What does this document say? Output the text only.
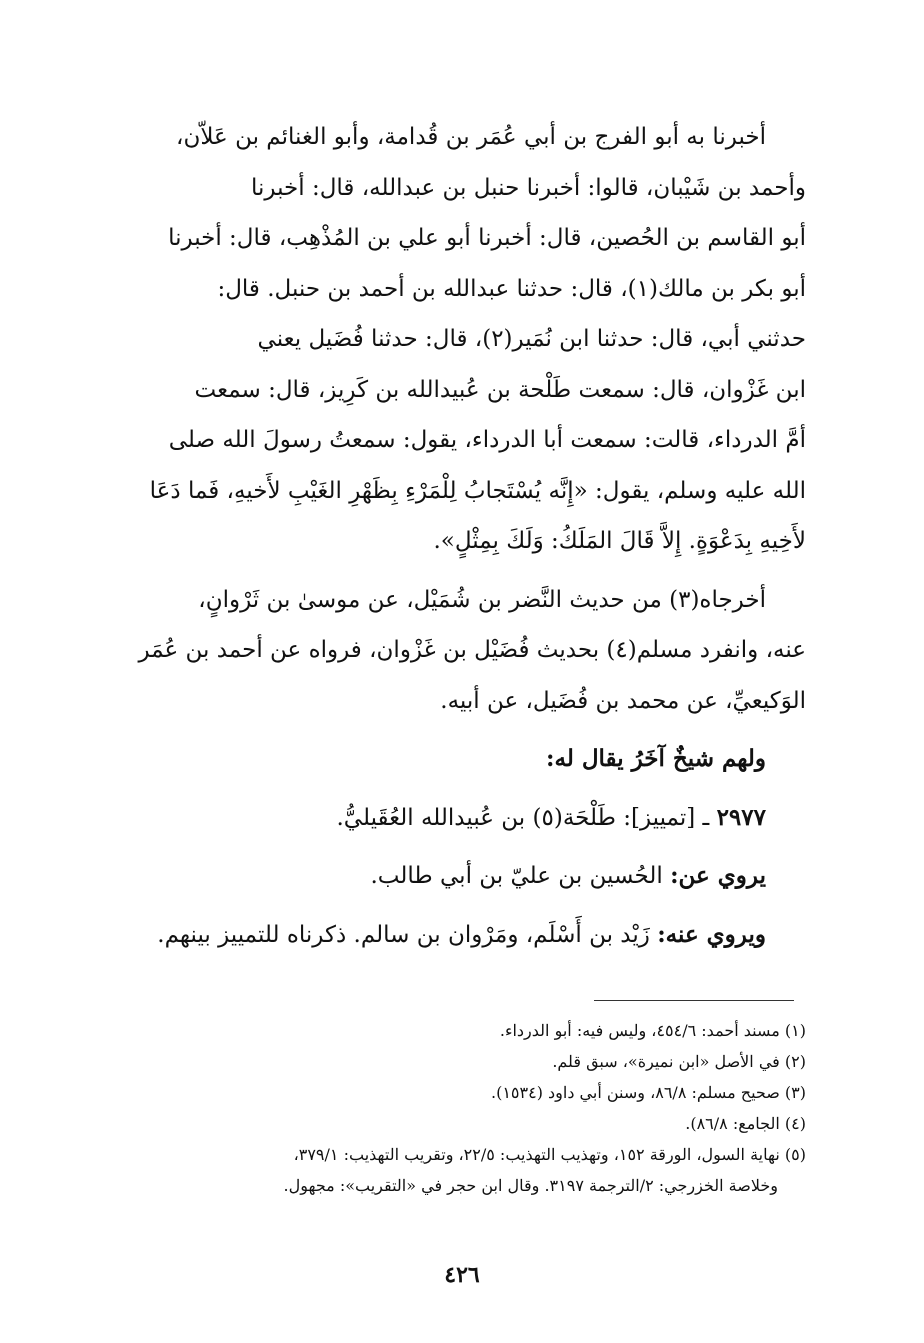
أخبرنا به أبو الفرج بن أبي عُمَر بن قُدامة، وأبو الغنائم بن عَلاّن،

وأحمد بن شَيْبان، قالوا: أخبرنا حنبل بن عبدالله، قال: أخبرنا

أبو القاسم بن الحُصين، قال: أخبرنا أبو علي بن المُذْهِب، قال: أخبرنا

أبو بكر بن مالك(١)، قال: حدثنا عبدالله بن أحمد بن حنبل. قال:

حدثني أبي، قال: حدثنا ابن نُمَير(٢)، قال: حدثنا فُضَيل يعني

ابن غَزْوان، قال: سمعت طَلْحة بن عُبيدالله بن كَرِيز، قال: سمعت

أمَّ الدرداء، قالت: سمعت أبا الدرداء، يقول: سمعتُ رسولَ الله صلى

الله عليه وسلم، يقول: «إِنَّه يُسْتَجابُ لِلْمَرْءِ بِظَهْرِ الغَيْبِ لأَخيهِ، فَما دَعَا

لأَخِيهِ بِدَعْوَةٍ. إِلاَّ قَالَ المَلَكُ: وَلَكَ بِمِثْلٍ».

أخرجاه(٣) من حديث النَّضر بن شُمَيْل، عن موسىٰ بن ثَرْوانٍ،

عنه، وانفرد مسلم(٤) بحديث فُضَيْل بن غَزْوان، فرواه عن أحمد بن عُمَر

الوَكيعيِّ، عن محمد بن فُضَيل، عن أبيه.

ولهم شيخٌ آخَرُ يقال له:

٢٩٧٧ ـ [تمييز]: طَلْحَة(٥) بن عُبيدالله العُقَيليُّ.

يروي عن: الحُسين بن عليّ بن أبي طالب.

ويروي عنه: زَيْد بن أَسْلَم، ومَرْوان بن سالم. ذكرناه للتمييز بينهم.

(١) مسند أحمد: ٤٥٤/٦، وليس فيه: أبو الدرداء.
(٢) في الأصل «ابن نميرة»، سبق قلم.
(٣) صحيح مسلم: ٨٦/٨، وسنن أبي داود (١٥٣٤).
(٤) الجامع: ٨٦/٨).
(٥) نهاية السول، الورقة ١٥٢، وتهذيب التهذيب: ٢٢/٥، وتقريب التهذيب: ٣٧٩/١،
وخلاصة الخزرجي: ٢/الترجمة ٣١٩٧. وقال ابن حجر في «التقريب»: مجهول.
٤٢٦
